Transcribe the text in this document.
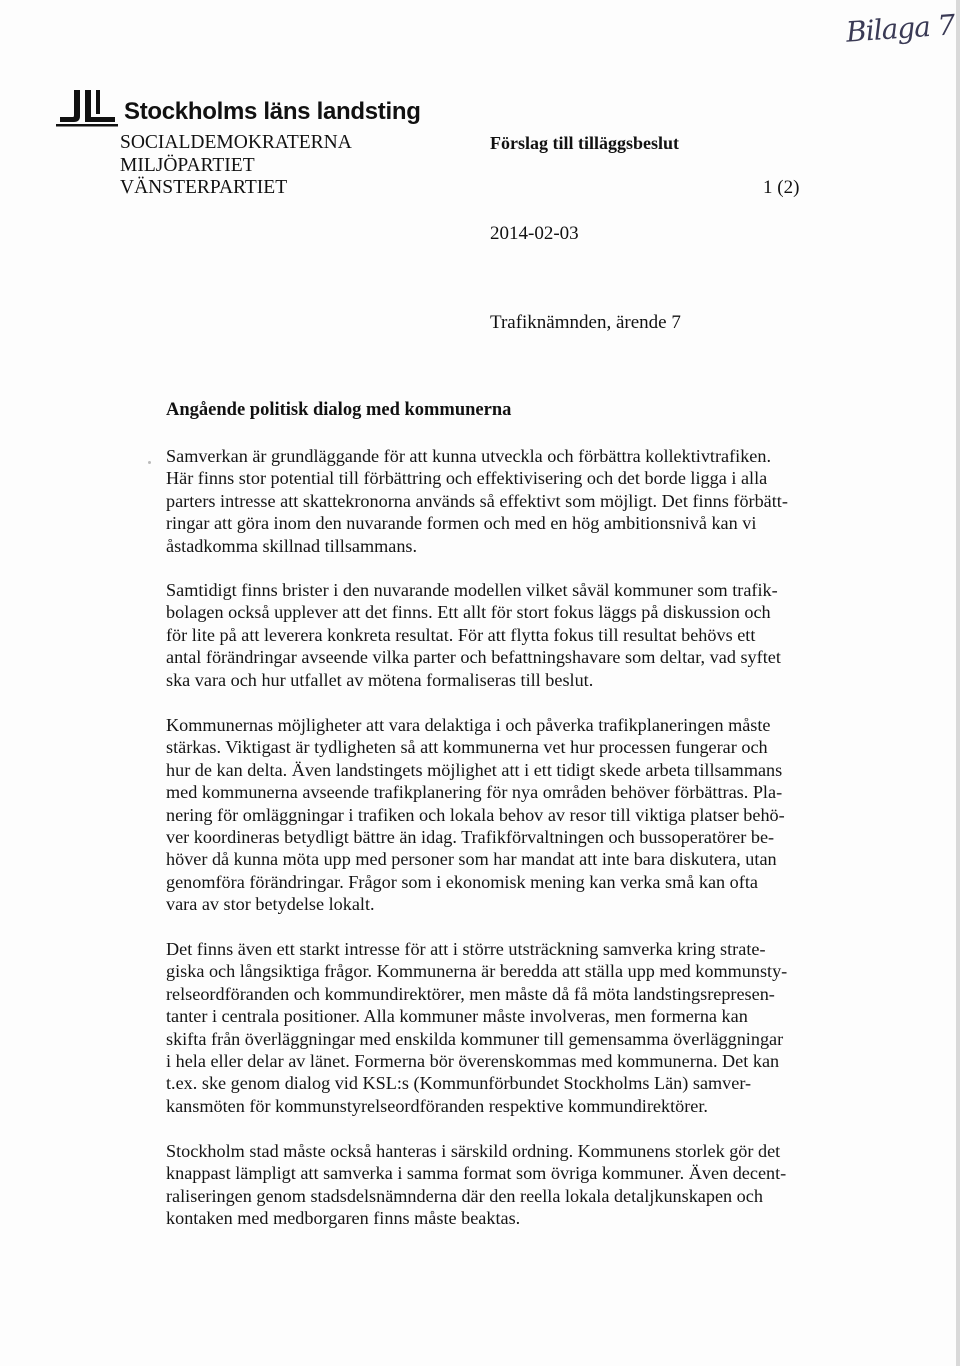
Bilaga 7
Stockholms läns landsting
SOCIALDEMOKRATERNA
MILJÖPARTIET
VÄNSTERPARTIET
Förslag till tilläggsbeslut
1 (2)
2014-02-03
Trafiknämnden, ärende 7
Angående politisk dialog med kommunerna
Samverkan är grundläggande för att kunna utveckla och förbättra kollektivtrafiken.
Här finns stor potential till förbättring och effektivisering och det borde ligga i alla
parters intresse att skattekronorna används så effektivt som möjligt. Det finns förbätt-
ringar att göra inom den nuvarande formen och med en hög ambitionsnivå kan vi
åstadkomma skillnad tillsammans.
Samtidigt finns brister i den nuvarande modellen vilket såväl kommuner som trafik-
bolagen också upplever att det finns. Ett allt för stort fokus läggs på diskussion och
för lite på att leverera konkreta resultat. För att flytta fokus till resultat behövs ett
antal förändringar avseende vilka parter och befattningshavare som deltar, vad syftet
ska vara och hur utfallet av mötena formaliseras till beslut.
Kommunernas möjligheter att vara delaktiga i och påverka trafikplaneringen måste
stärkas. Viktigast är tydligheten så att kommunerna vet hur processen fungerar och
hur de kan delta. Även landstingets möjlighet att i ett tidigt skede arbeta tillsammans
med kommunerna avseende trafikplanering för nya områden behöver förbättras. Pla-
nering för omläggningar i trafiken och lokala behov av resor till viktiga platser behö-
ver koordineras betydligt bättre än idag. Trafikförvaltningen och bussoperatörer be-
höver då kunna möta upp med personer som har mandat att inte bara diskutera, utan
genomföra förändringar. Frågor som i ekonomisk mening kan verka små kan ofta
vara av stor betydelse lokalt.
Det finns även ett starkt intresse för att i större utsträckning samverka kring strate-
giska och långsiktiga frågor. Kommunerna är beredda att ställa upp med kommunsty-
relseordföranden och kommundirektörer, men måste då få möta landstingsrepresen-
tanter i centrala positioner. Alla kommuner måste involveras, men formerna kan
skifta från överläggningar med enskilda kommuner till gemensamma överläggningar
i hela eller delar av länet. Formerna bör överenskommas med kommunerna. Det kan
t.ex. ske genom dialog vid KSL:s (Kommunförbundet Stockholms Län) samver-
kansmöten för kommunstyrelseordföranden respektive kommundirektörer.
Stockholm stad måste också hanteras i särskild ordning. Kommunens storlek gör det
knappast lämpligt att samverka i samma format som övriga kommuner. Även decent-
raliseringen genom stadsdelsnämnderna där den reella lokala detaljkunskapen och
kontaken med medborgaren finns måste beaktas.
